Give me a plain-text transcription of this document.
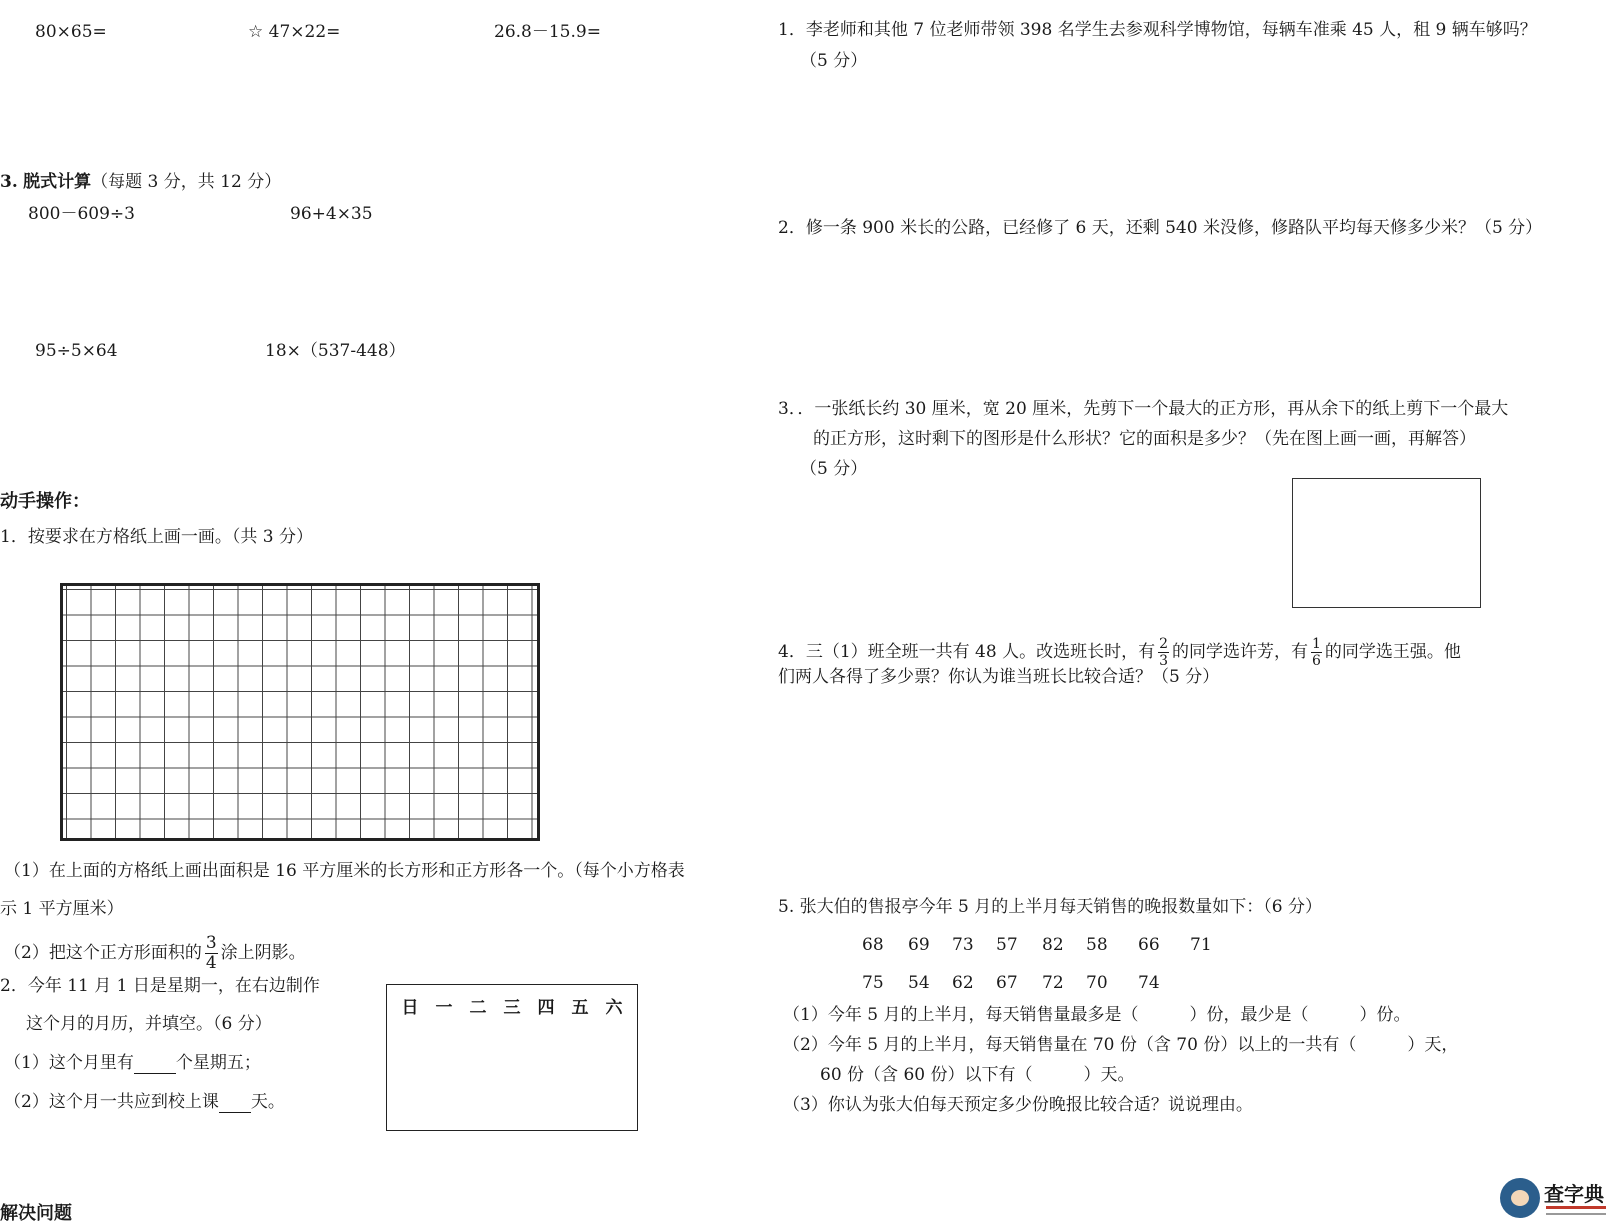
80×65=	☆ 47×22=	26.8－15.9=
3. 脱式计算（每题 3 分，共 12 分）
800－609÷3	96+4×35
95÷5×64	18×（537-448）
动手操作：
1．按要求在方格纸上画一画。（共 3 分）
（1）在上面的方格纸上画出面积是 16 平方厘米的长方形和正方形各一个。（每个小方格表
示 1 平方厘米）
（2）把这个正方形面积的 $\frac{3}{4}$ 涂上阴影。
2．今年 11 月 1 日是星期一，在右边制作
这个月的月历，并填空。（6 分）
（1）这个月里有 个星期五；
（2）这个月一共应到校上课 天。
日 一 二 三 四 五 六
解决问题
1．李老师和其他 7 位老师带领 398 名学生去参观科学博物馆，每辆车准乘 45 人，租 9 辆车够吗？
（5 分）
2．修一条 900 米长的公路，已经修了 6 天，还剩 540 米没修，修路队平均每天修多少米？（5 分）
3．．一张纸长约 30 厘米，宽 20 厘米，先剪下一个最大的正方形，再从余下的纸上剪下一个最大
的正方形，这时剩下的图形是什么形状？它的面积是多少？（先在图上画一画，再解答）
（5 分）
4．三（1）班全班一共有 48 人。改选班长时，有 $\frac{2}{3}$ 的同学选许芳，有 $\frac{1}{6}$ 的同学选王强。他
们两人各得了多少票？你认为谁当班长比较合适？（5 分）
5. 张大伯的售报亭今年 5 月的上半月每天销售的晚报数量如下：（6 分）
68	69	73	57	82	58	66	71
75	54	62	67	72	70	74
（1）今年 5 月的上半月，每天销售量最多是（　　　）份，最少是（　　　）份。
（2）今年 5 月的上半月，每天销售量在 70 份（含 70 份）以上的一共有（　　　）天，
60 份（含 60 份）以下有（　　　）天。
（3）你认为张大伯每天预定多少份晚报比较合适？说说理由。
查字典
